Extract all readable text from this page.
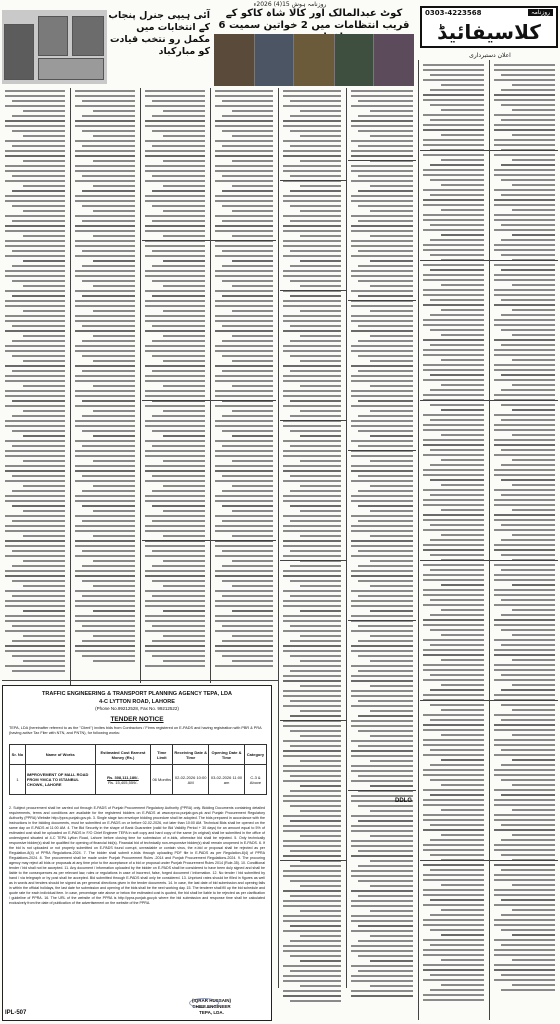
روزنامہ ہوش 15(4) 2026ء
آئی ہیپی جنرل پنجاب کے انتخابات میں مکمل رو نتخب قیادت کو مبارکباد
کوٹ عبدالمالک اور کالا شاہ کاکو کے قریب انتظامات میں 2 خواتین سمیت 6
0303-4223568	روزنامہ
کلاسیفائیڈ
اعلان دستبرداری
DDLG
TRAFFIC ENGINEERING & TRANSPORT PLANNING AGENCY TEPA, LDA
4-C LYTTON ROAD, LAHORE
(Phone No.99212528, Fax No. 99212522)
TENDER NOTICE
TEPA, LDA (hereinafter referred to as the "Client") invites bids from Contractors / Firms registered on E-PADS and having registration with PBR & PRA (having active Tax Filer with NTN, and PNTN), for following works:
Sr. No	Name of Works	Estimated Cost Earnest Money (Rs.)	Time Limit	Receiving Date & Time	Opening Date & Time	Category
1	IMPROVEMENT OF MALL ROAD FROM YMCA TO ISTANBUL CHOWK, LAHORE	Rs. 308,111,180/-
Rs. 15,405,559/-	06 Months	02-02-2026 10:00 AM	03-02-2026 11:00 am	C-3 & Above
2. Subject procurement shall be carried out through E-PADS of Punjab Procurement Regulatory Authority (PPRA) only. Bidding Documents containing detailed requirements, terms and conditions are available for the registered bidders on E-PADS at www.eproc.punjab.gov.pk and Punjab Procurement Regulatory Authority (PPRA) Website http://ppra.punjab.gov.pk. 3. Single stage two envelope bidding procedure shall be adopted. The bids prepared in accordance with the instructions in the bidding documents, must be submitted on E-PADS on or before 02-02-2026, not later than 10:00 AM. Technical Bids shall be opened on the same day on E-PADS at 11:00 AM. 4. The Bid Security in the shape of Bank Guarantee (valid for Bid Validity Period + 30 days) for an amount equal to 5% of estimated cost shall be uploaded on E-PADS in F/O Chief Engineer TEPA in soft copy and hard copy of the same (in original) shall be submitted in the office of undersigned situated at 4-C TEPA Lytton Road, Lahore before closing time for submission of e-bids, otherwise bid shall be rejected. 5. Only technically responsive bidder(s) shall be qualified for opening of financial bid(s). Financial bid of technically non-responsive bidder(s) shall remain unopened in E-PADS. 6. If the bid is not uploaded or not properly submitted on E-PADS found corrupt, unreadable or contain virus, the e-bid or proposal shall be rejected as per Regulation-8(4) of PPRA Regulations-2024. 7. The bidder shall submit e-bids through uploading PDF file in E-PADS as per Regulation-8(4) of PPRA Regulations-2024. 8. The procurement shall be made under Punjab Procurement Rules -2014 and Punjab Procurement Regulations-2024. 9. The procuring agency may reject all bids or proposals at any time prior to the acceptance of a bid or proposal under Punjab Procurement Rules 2014 (Rule-35). 10. Conditional tender / bid shall not be accepted. 11. Any document / information uploaded by the bidder on E-PADS shall be considered to have been duly signed and shall be liable to the consequences as per relevant law, rules or regulations in case of incorrect, false, forged document / information. 12. No tender / bid submitted by hand / via telegraph or by post shall be accepted. Bid submitted through E-PADS shall only be considered. 13. Unpriced rates should be filled in figures as well as in words and tenders should be signed as per general directions given in the tender documents. 14. In case, the last date of bid submission and opening falls in within the official holidays, the last date for submission and opening of the bids shall be the next working day. 15. The tenderer shall fill up the bid schedule and quote rate for each individual item. In case, percentage rate above or below the estimated cost is quoted, the bid shall be liable to be rejected as per clarification / guideline of PPRA. 16. The URL of the website of the PPRA is http://ppra.punjab.gov.pk where the bid submission and response time shall be calculated exclusively from the date of publication of the advertisement on the website of the PPRA.
(IQRAR HUSSAIN)
CHIEF ENGINEER
TEPA, LDA.
IPL-507
